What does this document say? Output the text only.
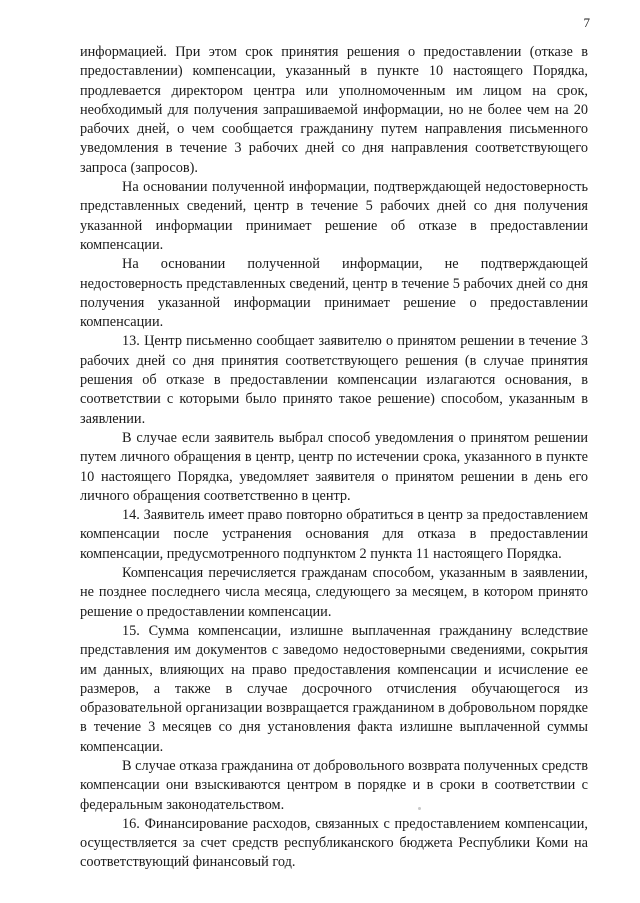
7

информацией. При этом срок принятия решения о предоставлении (отказе в предоставлении) компенсации, указанный в пункте 10 настоящего Порядка, продлевается директором центра или уполномоченным им лицом на срок, необходимый для получения запрашиваемой информации, но не более чем на 20 рабочих дней, о чем сообщается гражданину путем направления письменного уведомления в течение 3 рабочих дней со дня направления соответствующего запроса (запросов).

На основании полученной информации, подтверждающей недостоверность представленных сведений, центр в течение 5 рабочих дней со дня получения указанной информации принимает решение об отказе в предоставлении компенсации.

На основании полученной информации, не подтверждающей недостоверность представленных сведений, центр в течение 5 рабочих дней со дня получения указанной информации принимает решение о предоставлении компенсации.

13. Центр письменно сообщает заявителю о принятом решении в течение 3 рабочих дней со дня принятия соответствующего решения (в случае принятия решения об отказе в предоставлении компенсации излагаются основания, в соответствии с которыми было принято такое решение) способом, указанным в заявлении.

В случае если заявитель выбрал способ уведомления о принятом решении путем личного обращения в центр, центр по истечении срока, указанного в пункте 10 настоящего Порядка, уведомляет заявителя о принятом решении в день его личного обращения соответственно в центр.

14. Заявитель имеет право повторно обратиться в центр за предоставлением компенсации после устранения основания для отказа в предоставлении компенсации, предусмотренного подпунктом 2 пункта 11 настоящего Порядка.

Компенсация перечисляется гражданам способом, указанным в заявлении, не позднее последнего числа месяца, следующего за месяцем, в котором принято решение о предоставлении компенсации.

15. Сумма компенсации, излишне выплаченная гражданину вследствие представления им документов с заведомо недостоверными сведениями, сокрытия им данных, влияющих на право предоставления компенсации и исчисление ее размеров, а также в случае досрочного отчисления обучающегося из образовательной организации возвращается гражданином в добровольном порядке в течение 3 месяцев со дня установления факта излишне выплаченной суммы компенсации.

В случае отказа гражданина от добровольного возврата полученных средств компенсации они взыскиваются центром в порядке и в сроки в соответствии с федеральным законодательством.

16. Финансирование расходов, связанных с предоставлением компенсации, осуществляется за счет средств республиканского бюджета Республики Коми на соответствующий финансовый год.
